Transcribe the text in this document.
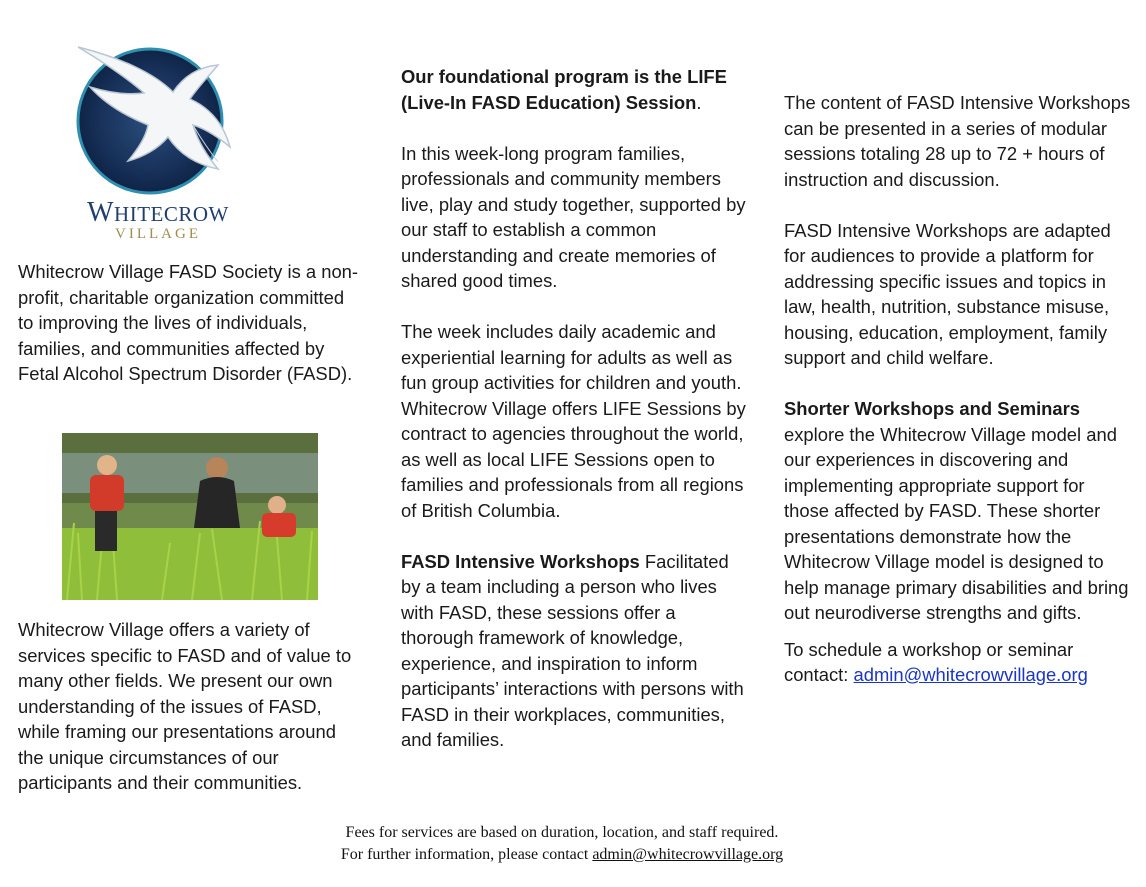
WHITECROW
VILLAGE
Whitecrow Village FASD Society is a non-profit, charitable organization committed to improving the lives of individuals, families, and communities affected by Fetal Alcohol Spectrum Disorder (FASD).
Whitecrow Village offers a variety of services specific to FASD and of value to many other fields. We present our own understanding of the issues of FASD, while framing our presentations around the unique circumstances of our participants and their communities.

Our foundational program is the LIFE (Live-In FASD Education) Session.

In this week-long program families, professionals and community members live, play and study together, supported by our staff to establish a common understanding and create memories of shared good times.

The week includes daily academic and experiential learning for adults as well as fun group activities for children and youth. Whitecrow Village offers LIFE Sessions by contract to agencies throughout the world, as well as local LIFE Sessions open to families and professionals from all regions of British Columbia.

FASD Intensive Workshops Facilitated by a team including a person who lives with FASD, these sessions offer a thorough framework of knowledge, experience, and inspiration to inform participants’ interactions with persons with FASD in their workplaces, communities, and families.

The content of FASD Intensive Workshops can be presented in a series of modular sessions totaling 28 up to 72 + hours of instruction and discussion.

FASD Intensive Workshops are adapted for audiences to provide a platform for addressing specific issues and topics in law, health, nutrition, substance misuse, housing, education, employment, family support and child welfare.

Shorter Workshops and Seminars

explore the Whitecrow Village model and our experiences in discovering and implementing appropriate support for those affected by FASD. These shorter presentations demonstrate how the Whitecrow Village model is designed to help manage primary disabilities and bring out neurodiverse strengths and gifts.

To schedule a workshop or seminar contact: admin@whitecrowvillage.org

Fees for services are based on duration, location, and staff required.
For further information, please contact admin@whitecrowvillage.org
